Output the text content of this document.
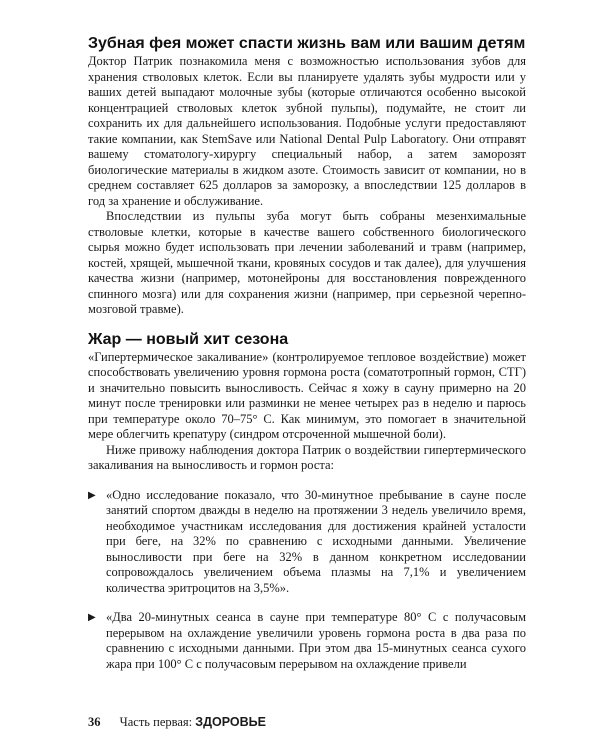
Зубная фея может спасти жизнь вам или вашим детям

Доктор Патрик познакомила меня с возможностью использования зубов для хранения стволовых клеток. Если вы планируете удалять зубы мудрости или у ваших детей выпадают молочные зубы (которые отличаются особенно высокой концентрацией стволовых клеток зубной пульпы), подумайте, не стоит ли сохранить их для дальнейшего использования. Подобные услуги предоставляют такие компании, как StemSave или National Dental Pulp Laboratory. Они отправят вашему стоматологу-хирургу специальный набор, а затем заморозят биологические материалы в жидком азоте. Стоимость зависит от компании, но в среднем составляет 625 долларов за заморозку, а впоследствии 125 долларов в год за хранение и обслуживание.

Впоследствии из пульпы зуба могут быть собраны мезенхимальные стволовые клетки, которые в качестве вашего собственного биологического сырья можно будет использовать при лечении заболеваний и травм (например, костей, хрящей, мышечной ткани, кровяных сосудов и так далее), для улучшения качества жизни (например, мотонейроны для восстановления поврежденного спинного мозга) или для сохранения жизни (например, при серьезной черепно-мозговой травме).

Жар — новый хит сезона

«Гипертермическое закаливание» (контролируемое тепловое воздействие) может способствовать увеличению уровня гормона роста (соматотропный гормон, СТГ) и значительно повысить выносливость. Сейчас я хожу в сауну примерно на 20 минут после тренировки или разминки не менее четырех раз в неделю и парюсь при температуре около 70–75° С. Как минимум, это помогает в значительной мере облегчить крепатуру (синдром отсроченной мышечной боли).

Ниже привожу наблюдения доктора Патрик о воздействии гипертермического закаливания на выносливость и гормон роста:

▶ «Одно исследование показало, что 30-минутное пребывание в сауне после занятий спортом дважды в неделю на протяжении 3 недель увеличило время, необходимое участникам исследования для достижения крайней усталости при беге, на 32% по сравнению с исходными данными. Увеличение выносливости при беге на 32% в данном конкретном исследовании сопровождалось увеличением объема плазмы на 7,1% и увеличением количества эритроцитов на 3,5%».

▶ «Два 20-минутных сеанса в сауне при температуре 80° С с получасовым перерывом на охлаждение увеличили уровень гормона роста в два раза по сравнению с исходными данными. При этом два 15-минутных сеанса сухого жара при 100° С с получасовым перерывом на охлаждение привели

36 Часть первая: ЗДОРОВЬЕ
